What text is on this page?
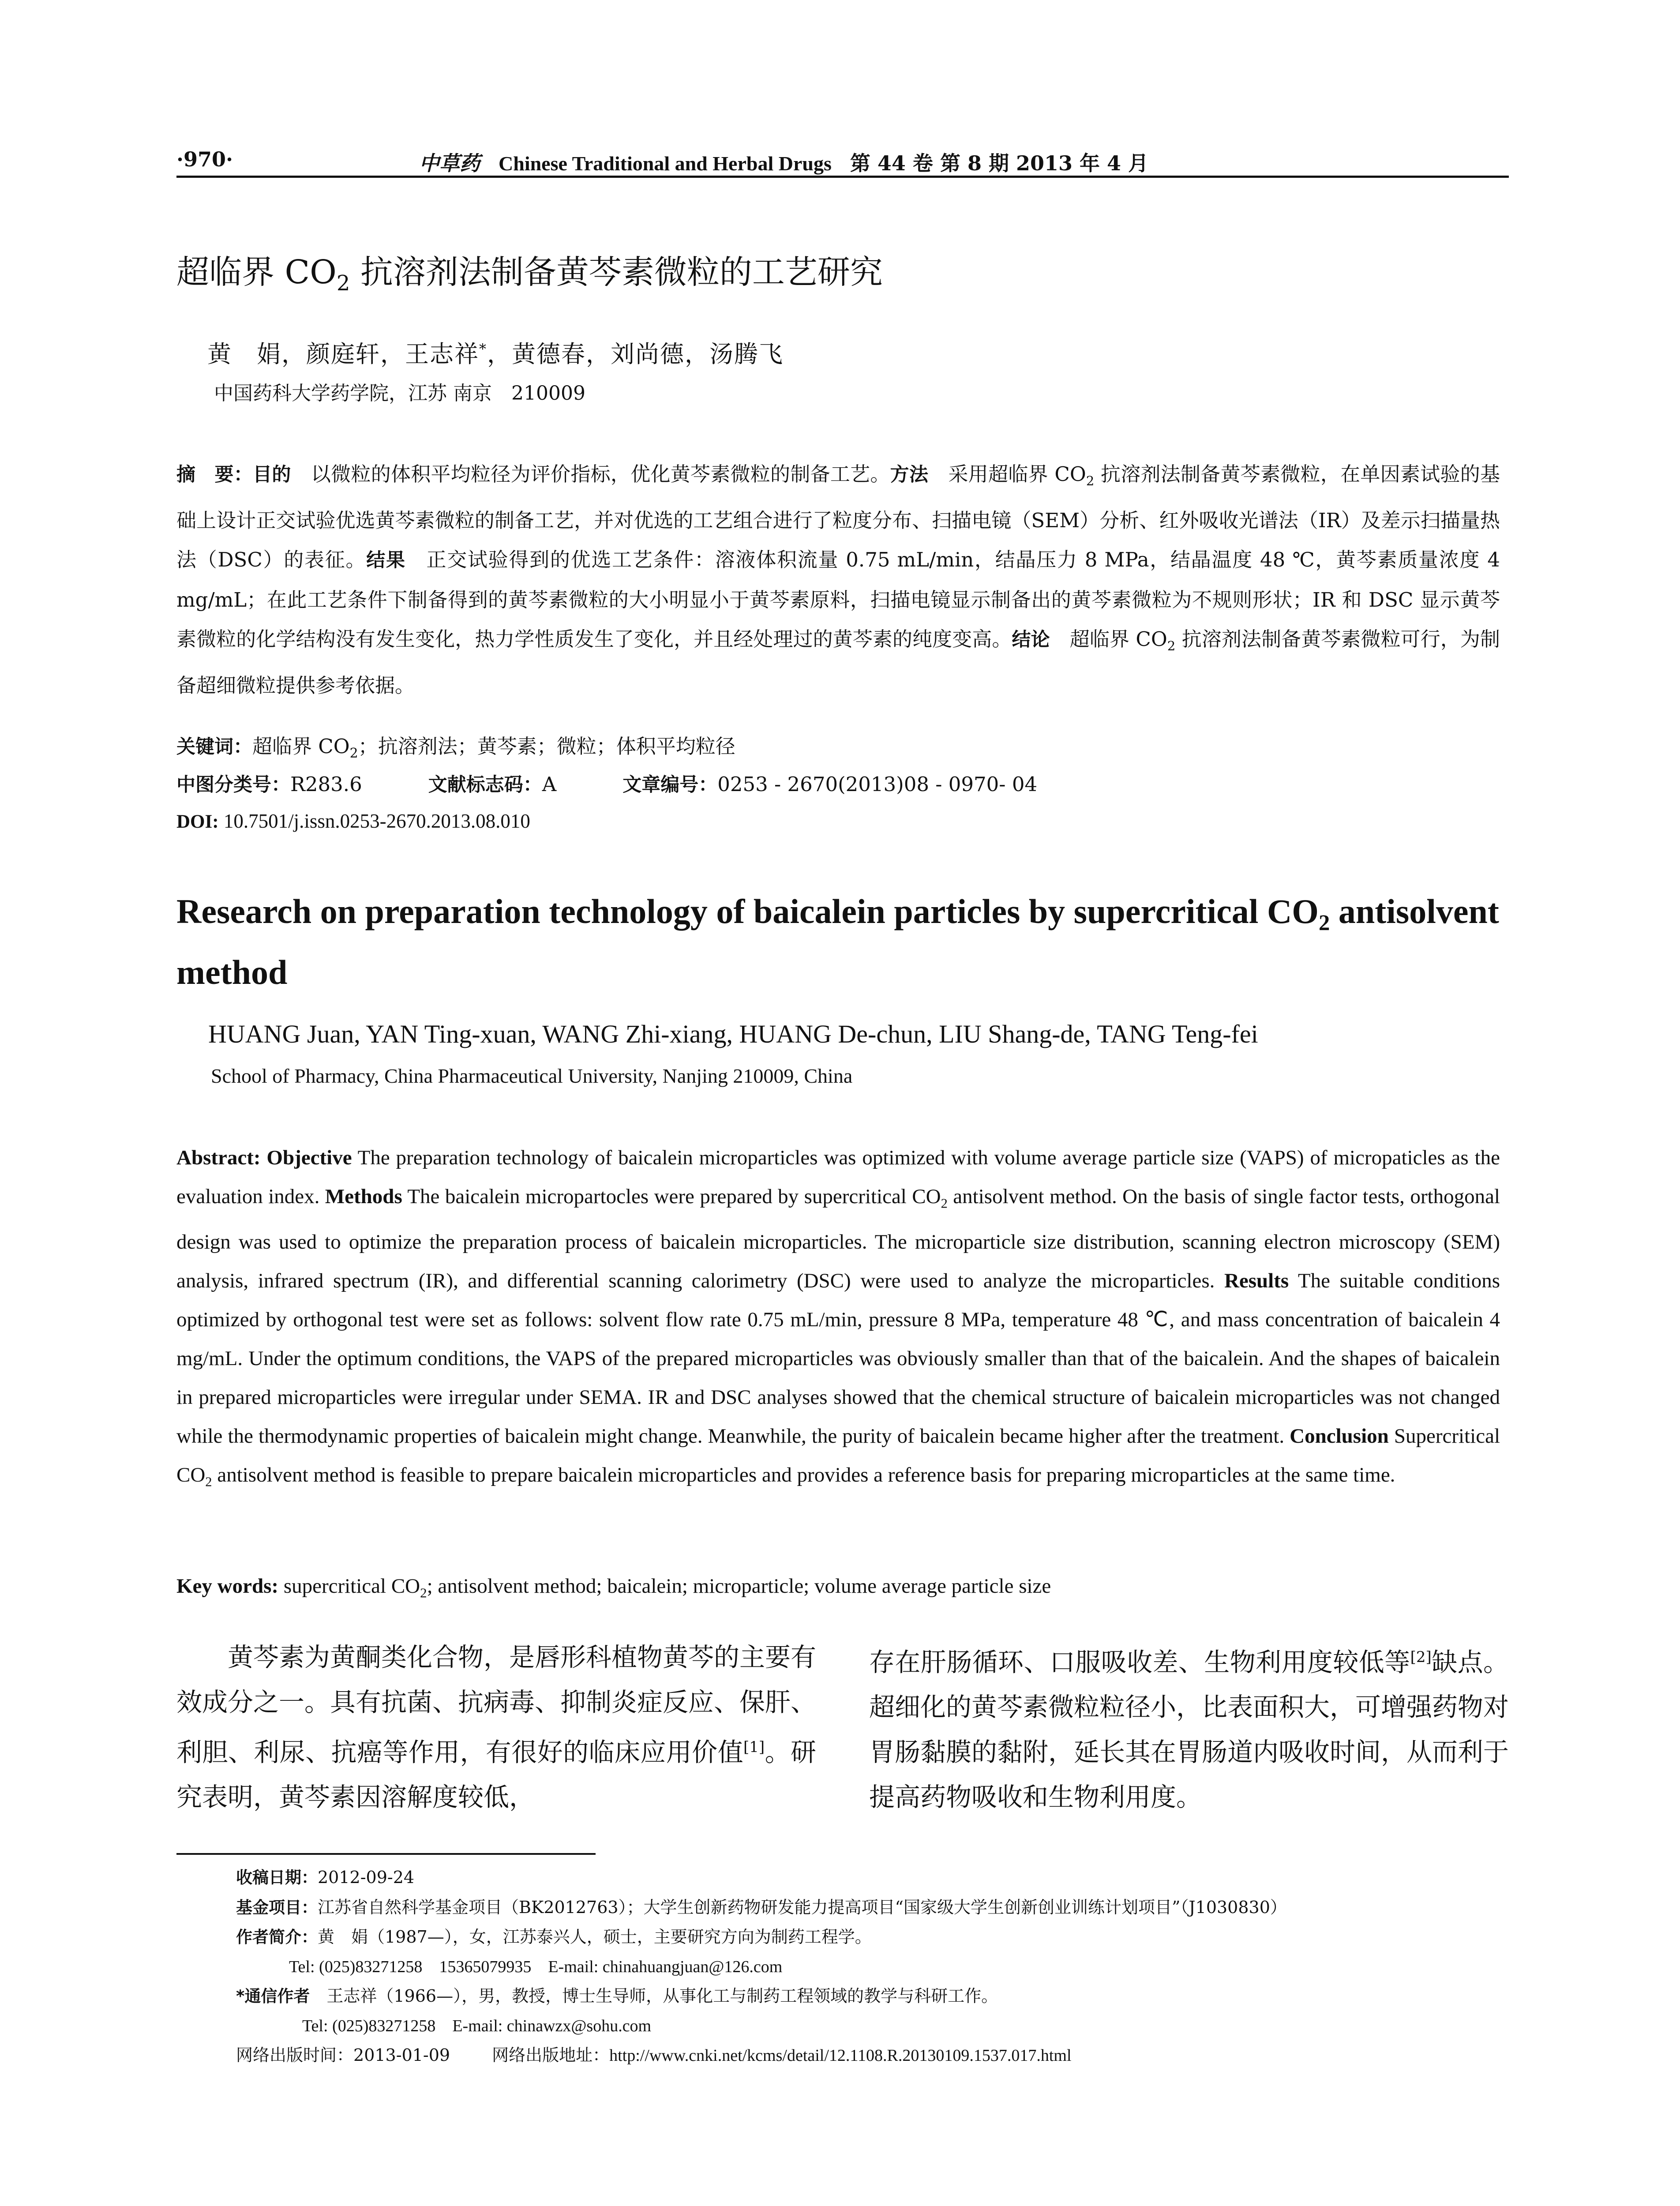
·970·	中草药 Chinese Traditional and Herbal Drugs 第 44 卷 第 8 期 2013 年 4 月
超临界 $CO_2$ 抗溶剂法制备黄芩素微粒的工艺研究
黄　娟，颜庭轩，王志祥*，黄德春，刘尚德，汤腾飞
中国药科大学药学院，江苏 南京　210009
摘　要：目的　以微粒的体积平均粒径为评价指标，优化黄芩素微粒的制备工艺。方法　采用超临界 $CO_2$ 抗溶剂法制备黄芩素微粒，在单因素试验的基础上设计正交试验优选黄芩素微粒的制备工艺，并对优选的工艺组合进行了粒度分布、扫描电镜（SEM）分析、红外吸收光谱法（IR）及差示扫描量热法（DSC）的表征。结果　正交试验得到的优选工艺条件：溶液体积流量 0.75 mL/min，结晶压力 8 MPa，结晶温度 48 ℃，黄芩素质量浓度 4 mg/mL；在此工艺条件下制备得到的黄芩素微粒的大小明显小于黄芩素原料，扫描电镜显示制备出的黄芩素微粒为不规则形状；IR 和 DSC 显示黄芩素微粒的化学结构没有发生变化，热力学性质发生了变化，并且经处理过的黄芩素的纯度变高。结论　超临界 $CO_2$ 抗溶剂法制备黄芩素微粒可行，为制备超细微粒提供参考依据。
关键词：超临界 $CO_2$；抗溶剂法；黄芩素；微粒；体积平均粒径
中图分类号：R283.6	文献标志码：A	文章编号：0253 - 2670(2013)08 - 0970- 04
DOI: 10.7501/j.issn.0253-2670.2013.08.010
Research on preparation technology of baicalein particles by supercritical $CO_2$ antisolvent method
HUANG Juan, YAN Ting-xuan, WANG Zhi-xiang, HUANG De-chun, LIU Shang-de, TANG Teng-fei
School of Pharmacy, China Pharmaceutical University, Nanjing 210009, China
Abstract: Objective The preparation technology of baicalein microparticles was optimized with volume average particle size (VAPS) of micropaticles as the evaluation index. Methods The baicalein micropartocles were prepared by supercritical $CO_2$ antisolvent method. On the basis of single factor tests, orthogonal design was used to optimize the preparation process of baicalein microparticles. The microparticle size distribution, scanning electron microscopy (SEM) analysis, infrared spectrum (IR), and differential scanning calorimetry (DSC) were used to analyze the microparticles. Results The suitable conditions optimized by orthogonal test were set as follows: solvent flow rate 0.75 mL/min, pressure 8 MPa, temperature 48 ℃, and mass concentration of baicalein 4 mg/mL. Under the optimum conditions, the VAPS of the prepared microparticles was obviously smaller than that of the baicalein. And the shapes of baicalein in prepared microparticles were irregular under SEMA. IR and DSC analyses showed that the chemical structure of baicalein microparticles was not changed while the thermodynamic properties of baicalein might change. Meanwhile, the purity of baicalein became higher after the treatment. Conclusion Supercritical $CO_2$ antisolvent method is feasible to prepare baicalein microparticles and provides a reference basis for preparing microparticles at the same time.
Key words: supercritical $CO_2$; antisolvent method; baicalein; microparticle; volume average particle size
黄芩素为黄酮类化合物，是唇形科植物黄芩的主要有效成分之一。具有抗菌、抗病毒、抑制炎症反应、保肝、利胆、利尿、抗癌等作用，有很好的临床应用价值[1]。研究表明，黄芩素因溶解度较低，
存在肝肠循环、口服吸收差、生物利用度较低等[2]缺点。超细化的黄芩素微粒粒径小，比表面积大，可增强药物对胃肠黏膜的黏附，延长其在胃肠道内吸收时间，从而利于提高药物吸收和生物利用度。
收稿日期：2012-09-24
基金项目：江苏省自然科学基金项目（BK2012763）；大学生创新药物研发能力提高项目“国家级大学生创新创业训练计划项目”（J1030830）
作者简介：黄　娟（1987—），女，江苏泰兴人，硕士，主要研究方向为制药工程学。
Tel: (025)83271258　15365079935　E-mail: chinahuangjuan@126.com
*通信作者　王志祥（1966—），男，教授，博士生导师，从事化工与制药工程领域的教学与科研工作。
Tel: (025)83271258　E-mail: chinawzx@sohu.com
网络出版时间：2013-01-09	网络出版地址：http://www.cnki.net/kcms/detail/12.1108.R.20130109.1537.017.html
